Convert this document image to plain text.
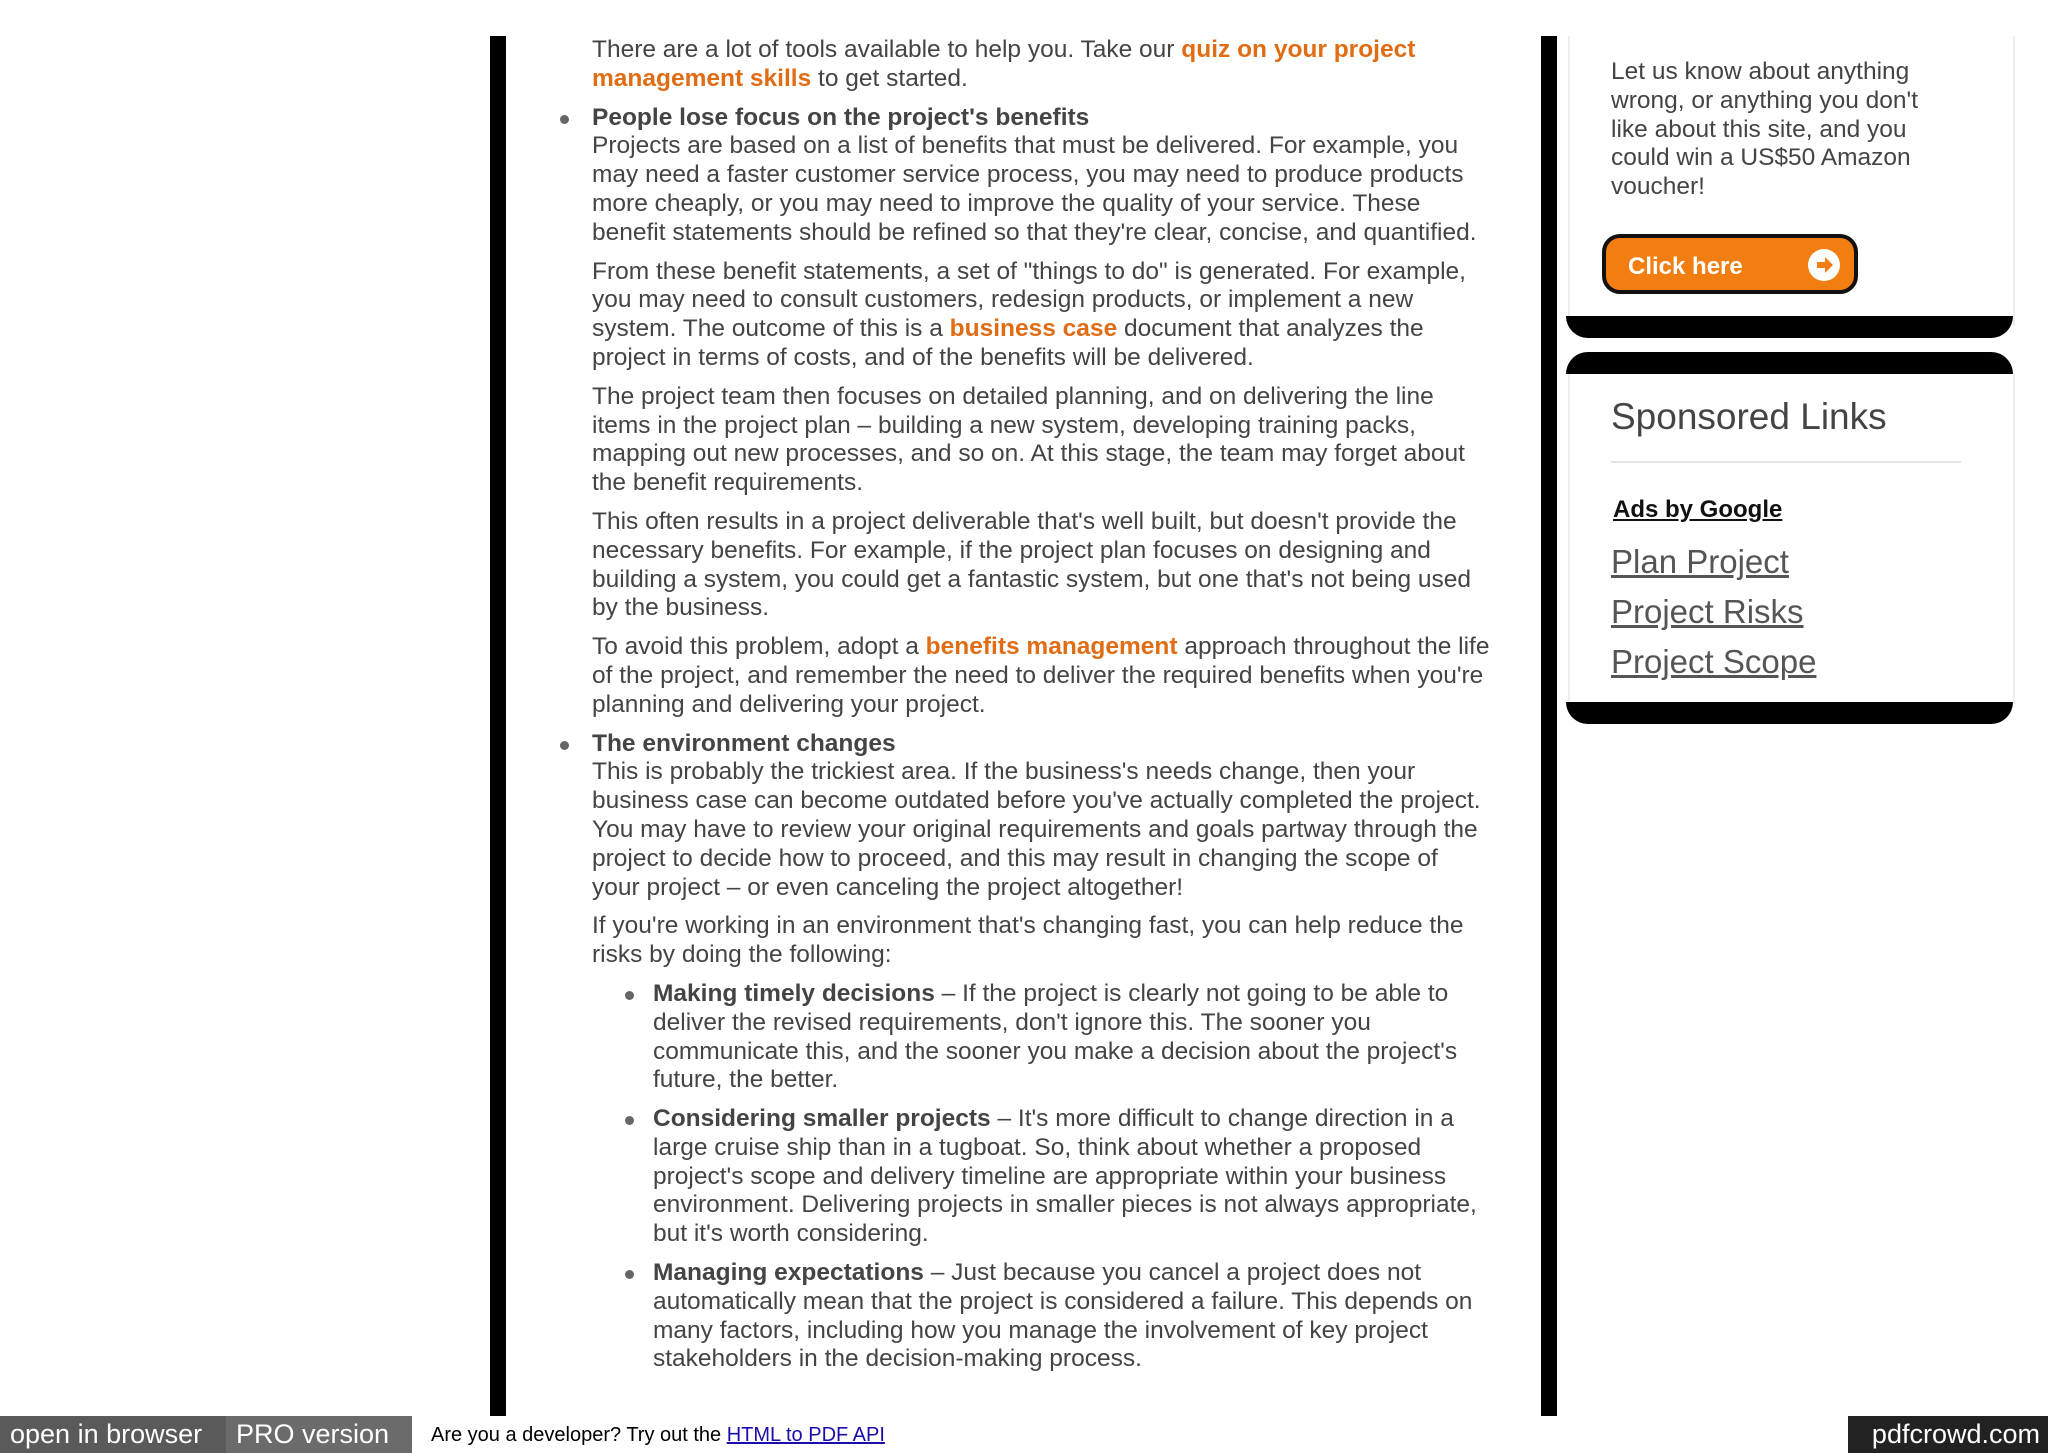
There are a lot of tools available to help you. Take our quiz on your project management skills to get started.

People lose focus on the project's benefits

Projects are based on a list of benefits that must be delivered. For example, you may need a faster customer service process, you may need to produce products more cheaply, or you may need to improve the quality of your service. These benefit statements should be refined so that they're clear, concise, and quantified.

From these benefit statements, a set of "things to do" is generated. For example, you may need to consult customers, redesign products, or implement a new system. The outcome of this is a business case document that analyzes the project in terms of costs, and of the benefits will be delivered.

The project team then focuses on detailed planning, and on delivering the line items in the project plan – building a new system, developing training packs, mapping out new processes, and so on. At this stage, the team may forget about the benefit requirements.

This often results in a project deliverable that's well built, but doesn't provide the necessary benefits. For example, if the project plan focuses on designing and building a system, you could get a fantastic system, but one that's not being used by the business.

To avoid this problem, adopt a benefits management approach throughout the life of the project, and remember the need to deliver the required benefits when you're planning and delivering your project.

The environment changes

This is probably the trickiest area. If the business's needs change, then your business case can become outdated before you've actually completed the project. You may have to review your original requirements and goals partway through the project to decide how to proceed, and this may result in changing the scope of your project – or even canceling the project altogether!

If you're working in an environment that's changing fast, you can help reduce the risks by doing the following:

Making timely decisions – If the project is clearly not going to be able to deliver the revised requirements, don't ignore this. The sooner you communicate this, and the sooner you make a decision about the project's future, the better.
Considering smaller projects – It's more difficult to change direction in a large cruise ship than in a tugboat. So, think about whether a proposed project's scope and delivery timeline are appropriate within your business environment. Delivering projects in smaller pieces is not always appropriate, but it's worth considering.
Managing expectations – Just because you cancel a project does not automatically mean that the project is considered a failure. This depends on many factors, including how you manage the involvement of key project stakeholders in the decision-making process.
Let us know about anything wrong, or anything you don't like about this site, and you could win a US$50 Amazon voucher!
Click here
Sponsored Links
Ads by Google
Plan Project
Project Risks
Project Scope
open in browser	PRO version	Are you a developer? Try out the HTML to PDF API	pdfcrowd.com
